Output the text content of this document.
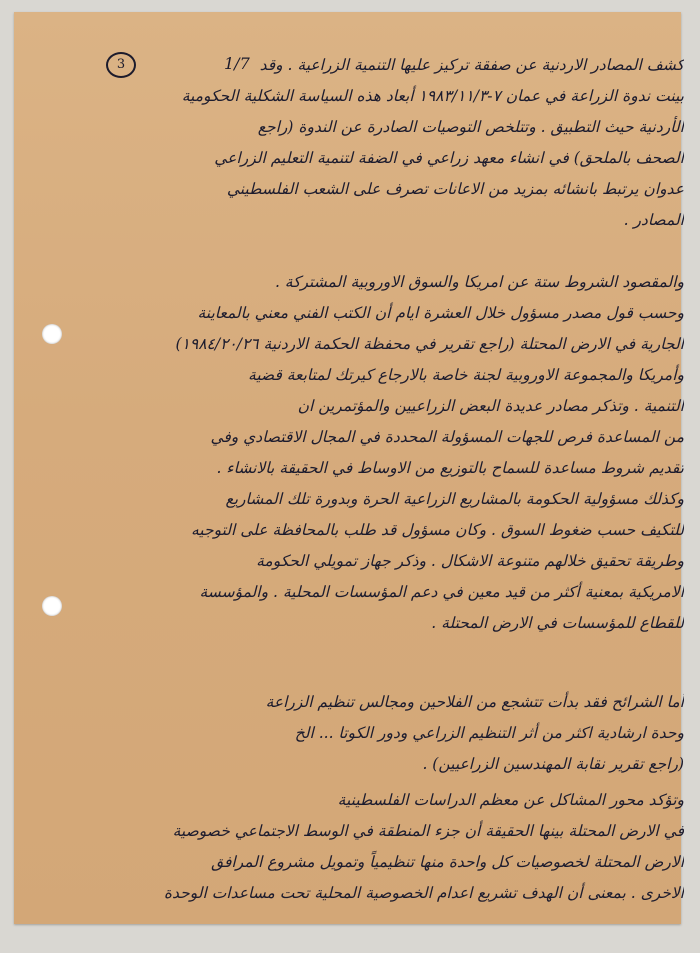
3	1/7 كشف المصادر الاردنية عن صفقة تركيز عليها التنمية الزراعية . وقد
بينت ندوة الزراعة في عمان ٧-١٩٨٣/١١/٣ أبعاد هذه السياسة الشكلية الحكومية
الأردنية حيث التطبيق . وتتلخص التوصيات الصادرة عن الندوة (راجع
الصحف بالملحق) في انشاء معهد زراعي في الضفة لتنمية التعليم الزراعي
عدوان يرتبط بانشائه بمزيد من الاعانات تصرف على الشعب الفلسطيني
المصادر .
والمقصود الشروط ستة عن امريكا والسوق الاوروبية المشتركة .
وحسب قول مصدر مسؤول خلال العشرة ايام أن الكتب الفني معني بالمعاينة
الجارية في الارض المحتلة (راجع تقرير في محفظة الحكمة الاردنية ١٩٨٤/٢٠/٢٦)
وأمريكا والمجموعة الاوروبية لجنة خاصة بالارجاع كيرتك لمتابعة قضية
التنمية . وتذكر مصادر عديدة البعض الزراعيين والمؤتمرين ان
من المساعدة فرص للجهات المسؤولة المحددة في المجال الاقتصادي وفي
تقديم شروط مساعدة للسماح بالتوزيع من الاوساط في الحقيقة بالانشاء .
وكذلك مسؤولية الحكومة بالمشاريع الزراعية الحرة وبدورة تلك المشاريع
للتكيف حسب ضغوط السوق . وكان مسؤول قد طلب بالمحافظة على التوجيه
وطريقة تحقيق خلالهم متنوعة الاشكال . وذكر جهاز تمويلي الحكومة
الامريكية بمعنية أكثر من قيد معين في دعم المؤسسات المحلية . والمؤسسة
للقطاع للمؤسسات في الارض المحتلة .
أما الشرائح فقد بدأت تتشجع من الفلاحين ومجالس تنظيم الزراعة
وحدة ارشادية اكثر من أثر التنظيم الزراعي ودور الكوتا ... الخ
(راجع تقرير نقابة المهندسين الزراعيين) .
وتؤكد محور المشاكل عن معظم الدراسات الفلسطينية
في الارض المحتلة بينها الحقيقة أن جزء المنطقة في الوسط الاجتماعي خصوصية
الارض المحتلة لخصوصيات كل واحدة منها تنظيمياً وتمويل مشروع المرافق
الاخرى . بمعنى أن الهدف تشريع اعدام الخصوصية المحلية تحت مساعدات الوحدة
